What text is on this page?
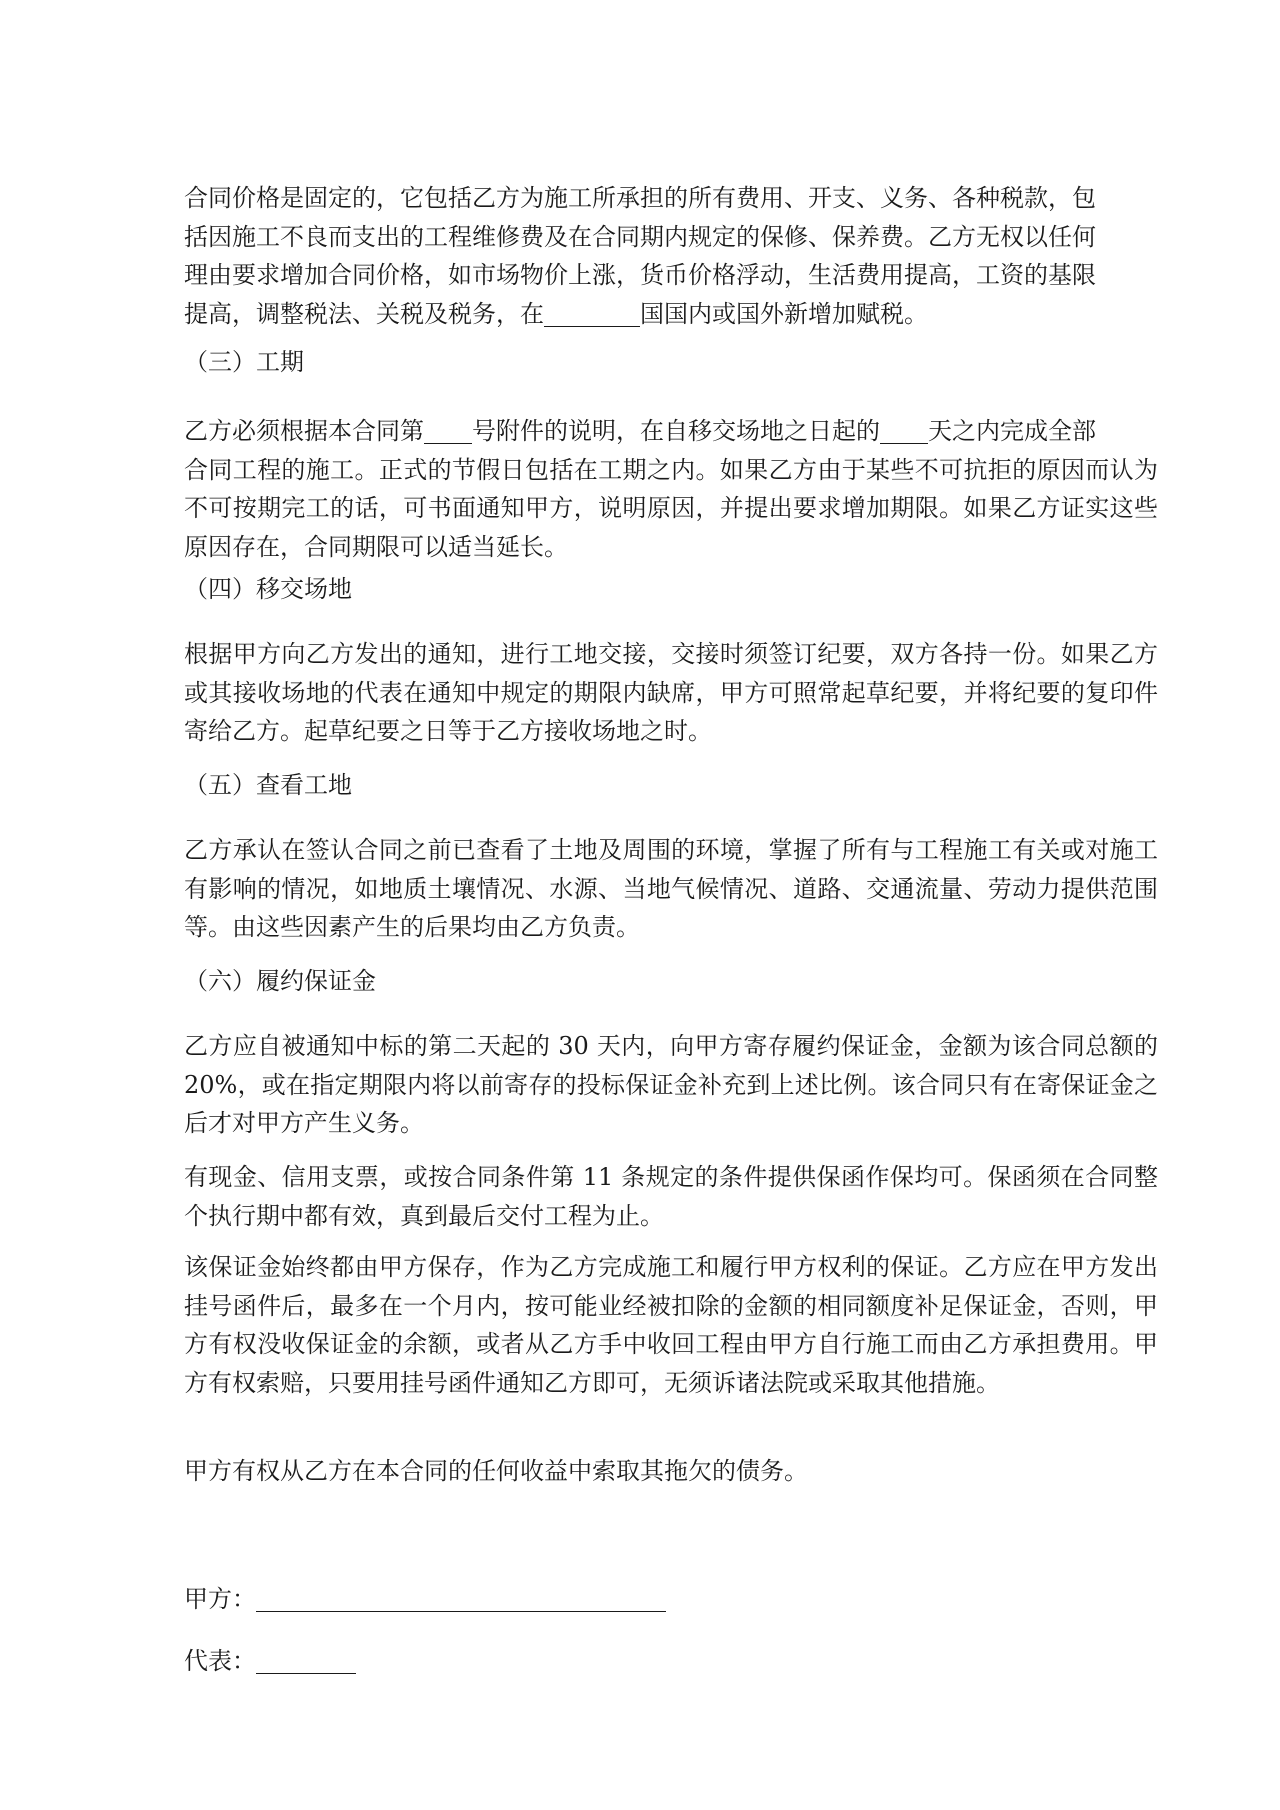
合同价格是固定的，它包括乙方为施工所承担的所有费用、开支、义务、各种税款，包
括因施工不良而支出的工程维修费及在合同期内规定的保修、保养费。乙方无权以任何
理由要求增加合同价格，如市场物价上涨，货币价格浮动，生活费用提高，工资的基限
提高，调整税法、关税及税务，在	国国内或国外新增加赋税。

（三）工期

乙方必须根据本合同第 号附件的说明，在自移交场地之日起的 天之内完成全部
合同工程的施工。正式的节假日包括在工期之内。如果乙方由于某些不可抗拒的原因而认为不可按期完工的话，可书面通知甲方，说明原因，并提出要求增加期限。如果乙方证实这些原因存在，合同期限可以适当延长。

（四）移交场地

根据甲方向乙方发出的通知，进行工地交接，交接时须签订纪要，双方各持一份。如果乙方或其接收场地的代表在通知中规定的期限内缺席，甲方可照常起草纪要，并将纪要的复印件寄给乙方。起草纪要之日等于乙方接收场地之时。

（五）查看工地

乙方承认在签认合同之前已查看了土地及周围的环境，掌握了所有与工程施工有关或对施工有影响的情况，如地质土壤情况、水源、当地气候情况、道路、交通流量、劳动力提供范围等。由这些因素产生的后果均由乙方负责。

（六）履约保证金

乙方应自被通知中标的第二天起的 30 天内，向甲方寄存履约保证金，金额为该合同总额的 20%，或在指定期限内将以前寄存的投标保证金补充到上述比例。该合同只有在寄保证金之后才对甲方产生义务。

有现金、信用支票，或按合同条件第 11 条规定的条件提供保函作保均可。保函须在合同整个执行期中都有效，真到最后交付工程为止。

该保证金始终都由甲方保存，作为乙方完成施工和履行甲方权利的保证。乙方应在甲方发出挂号函件后，最多在一个月内，按可能业经被扣除的金额的相同额度补足保证金，否则，甲方有权没收保证金的余额，或者从乙方手中收回工程由甲方自行施工而由乙方承担费用。甲方有权索赔，只要用挂号函件通知乙方即可，无须诉诸法院或采取其他措施。

甲方有权从乙方在本合同的任何收益中索取其拖欠的债务。

甲方：
代表：
